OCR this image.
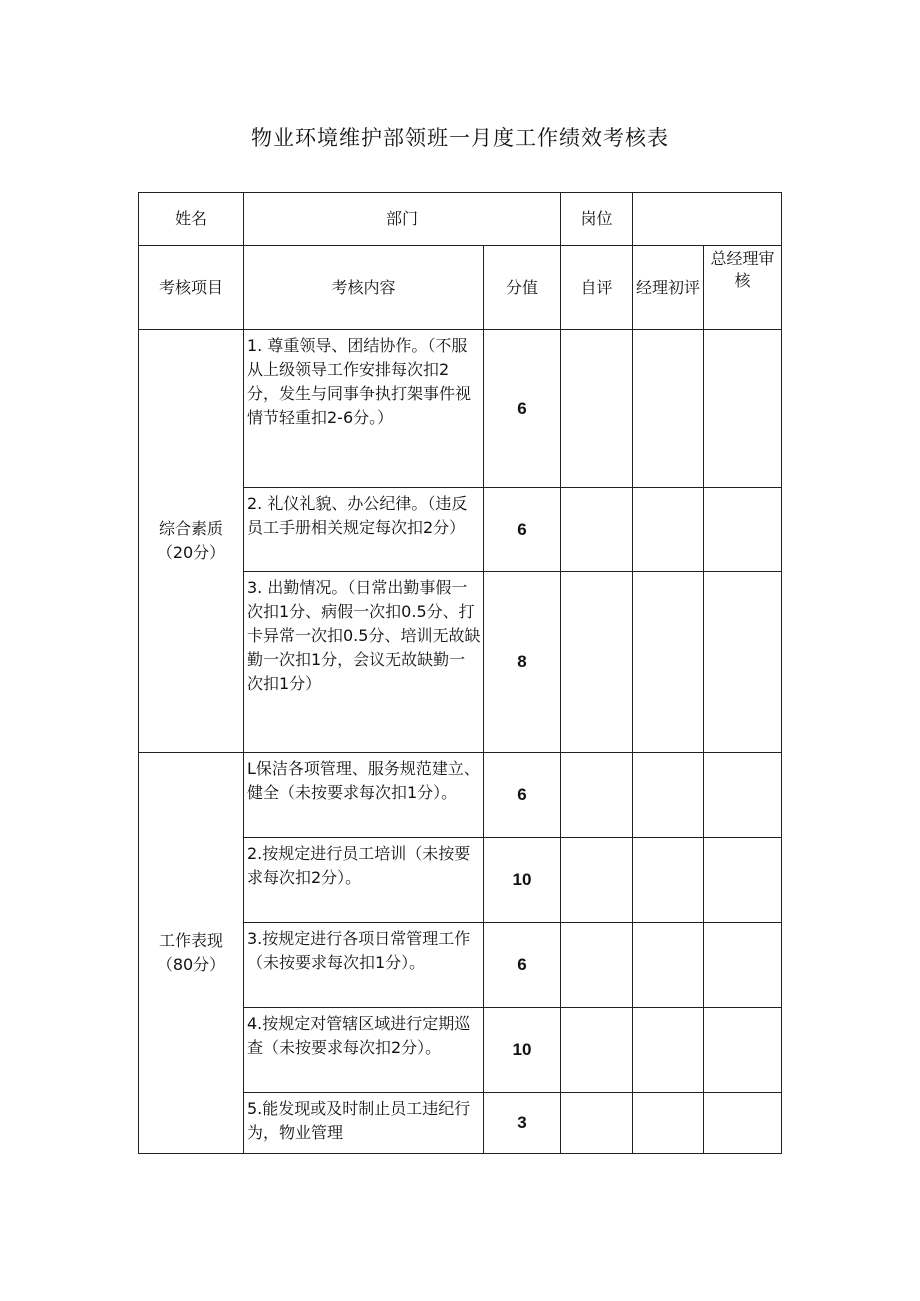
物业环境维护部领班一月度工作绩效考核表
姓名	部门		岗位		
考核项目	考核内容	分值	自评	经理初评	总经理审核
综合素质（20分）	1. 尊重领导、团结协作。（不服从上级领导工作安排每次扣2分，发生与同事争执打架事件视情节轻重扣2-6分。）	6			
	2. 礼仪礼貌、办公纪律。（违反员工手册相关规定每次扣2分）	6			
	3. 出勤情况。（日常出勤事假一次扣1分、病假一次扣0.5分、打卡异常一次扣0.5分、培训无故缺勤一次扣1分，会议无故缺勤一次扣1分）	8			
工作表现（80分）	L保洁各项管理、服务规范建立、健全（未按要求每次扣1分）。	6			
	2.按规定进行员工培训（未按要求每次扣2分）。	10			
	3.按规定进行各项日常管理工作（未按要求每次扣1分）。	6			
	4.按规定对管辖区域进行定期巡查（未按要求每次扣2分）。	10			
	5.能发现或及时制止员工违纪行为，物业管理	3			
